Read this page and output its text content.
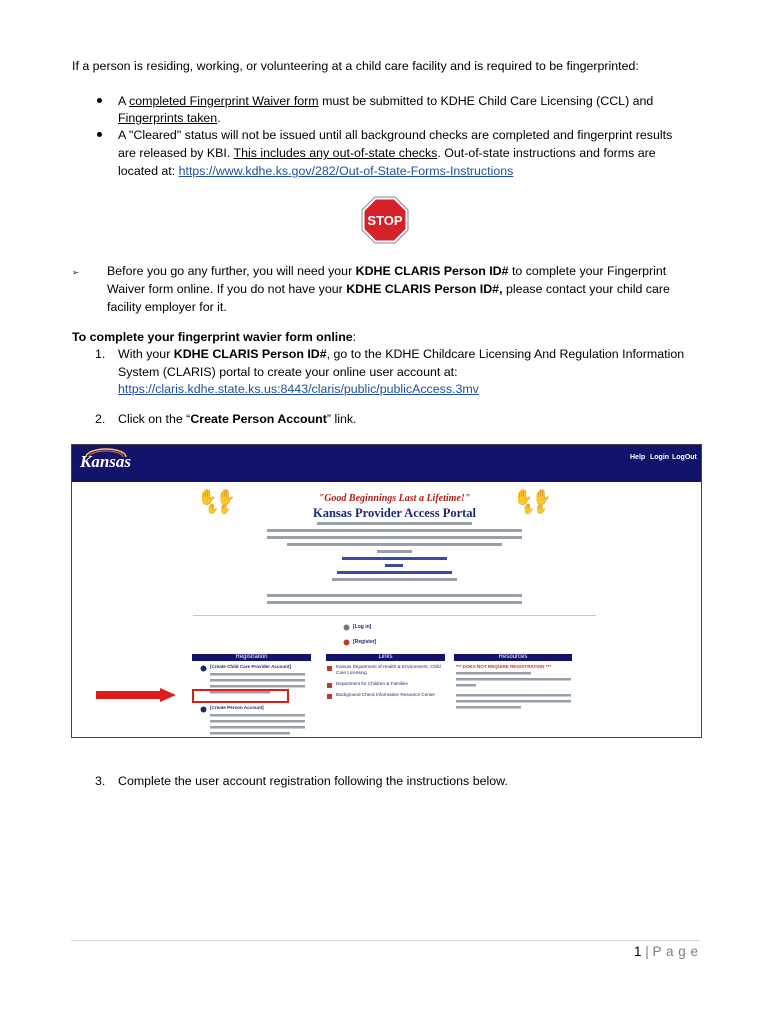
If a person is residing, working, or volunteering at a child care facility and is required to be fingerprinted:
A completed Fingerprint Waiver form must be submitted to KDHE Child Care Licensing (CCL) and
Fingerprints taken.
A "Cleared" status will not be issued until all background checks are completed and fingerprint results
are released by KBI. This includes any out-of-state checks. Out-of-state instructions and forms are
located at: https://www.kdhe.ks.gov/282/Out-of-State-Forms-Instructions
STOP
➢ Before you go any further, you will need your KDHE CLARIS Person ID# to complete your Fingerprint
Waiver form online. If you do not have your KDHE CLARIS Person ID#, please contact your child care
facility employer for it.
To complete your fingerprint wavier form online:
1. With your KDHE CLARIS Person ID#, go to the KDHE Childcare Licensing And Regulation Information
System (CLARIS) portal to create your online user account at:
https://claris.kdhe.state.ks.us:8443/claris/public/publicAccess.3mv
2. Click on the “Create Person Account” link.
Kansas	Help Login LogOut
✋✋
✋✋
✋✋
✋✋
"Good Beginnings Last a Lifetime!"
Kansas Provider Access Portal
[Log in]
[Register]
Registration	Links	Resources
[Create Child Care Provider Account]
[Create Person Account]
Kansas Department of Health & Environment, Child Care Licensing
Department for Children & Families
Background Check Information Resource Center
*** DOES NOT REQUIRE REGISTRATION ***
3. Complete the user account registration following the instructions below.
1 | P a g e
